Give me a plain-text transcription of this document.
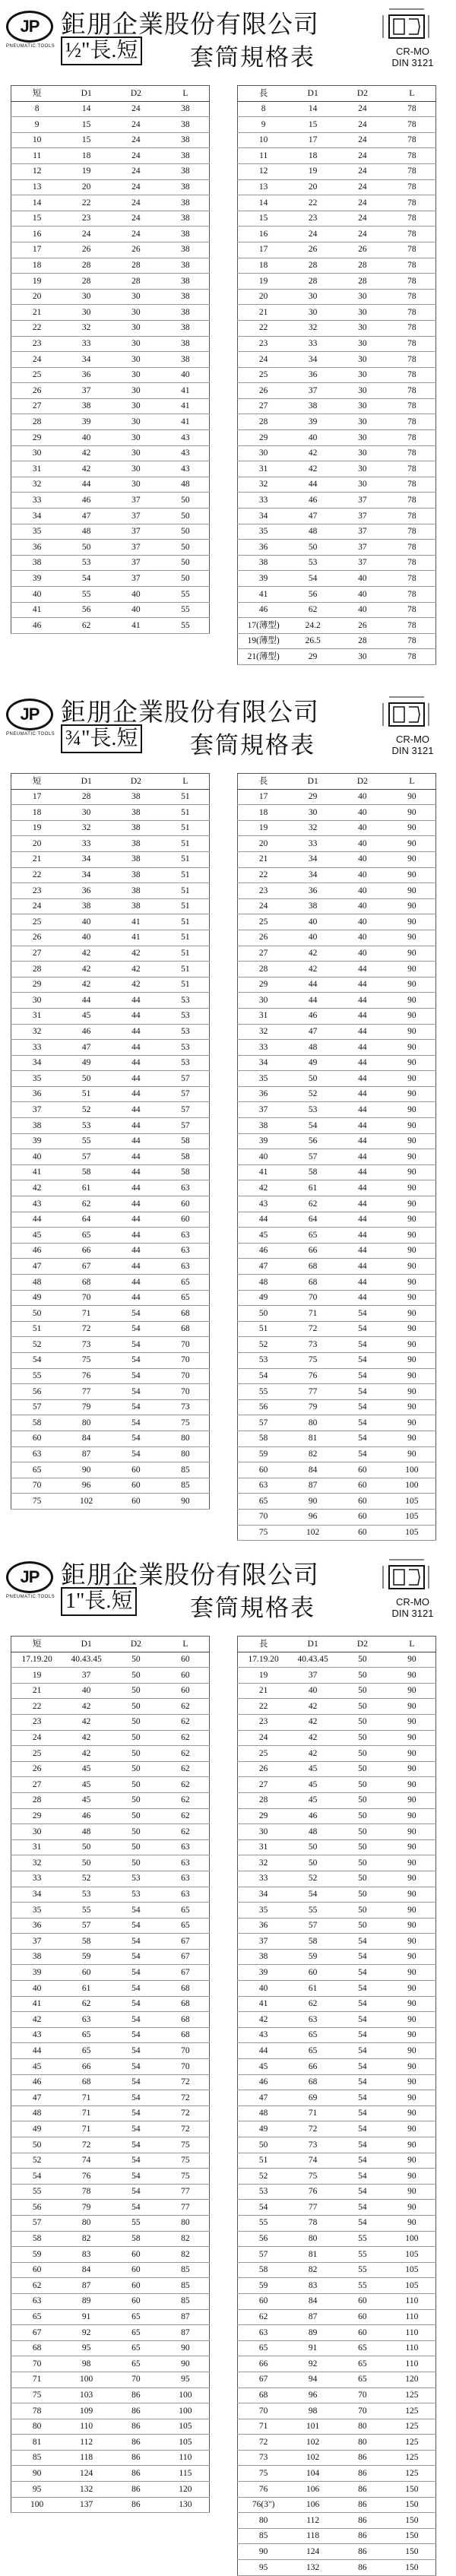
JP
PNEUMATIC TOOLS
鉅朋企業股份有限公司
½"長.短 套筒規格表	CR-MO
DIN 3121
短	D1	D2	L
8	14	24	38
9	15	24	38
10	15	24	38
11	18	24	38
12	19	24	38
13	20	24	38
14	22	24	38
15	23	24	38
16	24	24	38
17	26	26	38
18	28	28	38
19	28	28	38
20	30	30	38
21	30	30	38
22	32	30	38
23	33	30	38
24	34	30	38
25	36	30	40
26	37	30	41
27	38	30	41
28	39	30	41
29	40	30	43
30	42	30	43
31	42	30	43
32	44	30	48
33	46	37	50
34	47	37	50
35	48	37	50
36	50	37	50
38	53	37	50
39	54	37	50
40	55	40	55
41	56	40	55
46	62	41	55
長	D1	D2	L
8	14	24	78
9	15	24	78
10	17	24	78
11	18	24	78
12	19	24	78
13	20	24	78
14	22	24	78
15	23	24	78
16	24	24	78
17	26	26	78
18	28	28	78
19	28	28	78
20	30	30	78
21	30	30	78
22	32	30	78
23	33	30	78
24	34	30	78
25	36	30	78
26	37	30	78
27	38	30	78
28	39	30	78
29	40	30	78
30	42	30	78
31	42	30	78
32	44	30	78
33	46	37	78
34	47	37	78
35	48	37	78
36	50	37	78
38	53	37	78
39	54	40	78
41	56	40	78
46	62	40	78
17(薄型)	24.2	26	78
19(薄型)	26.5	28	78
21(薄型)	29	30	78
JP
PNEUMATIC TOOLS
鉅朋企業股份有限公司
¾"長.短 套筒規格表	CR-MO
DIN 3121
短	D1	D2	L
17	28	38	51
18	30	38	51
19	32	38	51
20	33	38	51
21	34	38	51
22	34	38	51
23	36	38	51
24	38	38	51
25	40	41	51
26	40	41	51
27	42	42	51
28	42	42	51
29	42	42	51
30	44	44	53
31	45	44	53
32	46	44	53
33	47	44	53
34	49	44	53
35	50	44	57
36	51	44	57
37	52	44	57
38	53	44	57
39	55	44	58
40	57	44	58
41	58	44	58
42	61	44	63
43	62	44	60
44	64	44	60
45	65	44	63
46	66	44	63
47	67	44	63
48	68	44	65
49	70	44	65
50	71	54	68
51	72	54	68
52	73	54	70
54	75	54	70
55	76	54	70
56	77	54	70
57	79	54	73
58	80	54	75
60	84	54	80
63	87	54	80
65	90	60	85
70	96	60	85
75	102	60	90
長	D1	D2	L
17	29	40	90
18	30	40	90
19	32	40	90
20	33	40	90
21	34	40	90
22	34	40	90
23	36	40	90
24	38	40	90
25	40	40	90
26	40	40	90
27	42	40	90
28	42	44	90
29	44	44	90
30	44	44	90
31	46	44	90
32	47	44	90
33	48	44	90
34	49	44	90
35	50	44	90
36	52	44	90
37	53	44	90
38	54	44	90
39	56	44	90
40	57	44	90
41	58	44	90
42	61	44	90
43	62	44	90
44	64	44	90
45	65	44	90
46	66	44	90
47	68	44	90
48	68	44	90
49	70	44	90
50	71	54	90
51	72	54	90
52	73	54	90
53	75	54	90
54	76	54	90
55	77	54	90
56	79	54	90
57	80	54	90
58	81	54	90
59	82	54	90
60	84	60	100
63	87	60	100
65	90	60	105
70	96	60	105
75	102	60	105
JP
PNEUMATIC TOOLS
鉅朋企業股份有限公司
1"長.短 套筒規格表	CR-MO
DIN 3121
短	D1	D2	L
17.19.20	40.43.45	50	60
19	37	50	60
21	40	50	60
22	42	50	62
23	42	50	62
24	42	50	62
25	42	50	62
26	45	50	62
27	45	50	62
28	45	50	62
29	46	50	62
30	48	50	62
31	50	50	63
32	50	50	63
33	52	53	63
34	53	53	63
35	55	54	65
36	57	54	65
37	58	54	67
38	59	54	67
39	60	54	67
40	61	54	68
41	62	54	68
42	63	54	68
43	65	54	68
44	65	54	70
45	66	54	70
46	68	54	72
47	71	54	72
48	71	54	72
49	71	54	72
50	72	54	75
52	74	54	75
54	76	54	75
55	78	54	77
56	79	54	77
57	80	55	80
58	82	58	82
59	83	60	82
60	84	60	85
62	87	60	85
63	89	60	85
65	91	65	87
67	92	65	87
68	95	65	90
70	98	65	90
71	100	70	95
75	103	86	100
78	109	86	100
80	110	86	105
81	112	86	105
85	118	86	110
90	124	86	115
95	132	86	120
100	137	86	130
長	D1	D2	L
17.19.20	40.43.45	50	90
19	37	50	90
21	40	50	90
22	42	50	90
23	42	50	90
24	42	50	90
25	42	50	90
26	45	50	90
27	45	50	90
28	45	50	90
29	46	50	90
30	48	50	90
31	50	50	90
32	50	50	90
33	52	50	90
34	54	50	90
35	55	50	90
36	57	50	90
37	58	54	90
38	59	54	90
39	60	54	90
40	61	54	90
41	62	54	90
42	63	54	90
43	65	54	90
44	65	54	90
45	66	54	90
46	68	54	90
47	69	54	90
48	71	54	90
49	72	54	90
50	73	54	90
51	74	54	90
52	75	54	90
53	76	54	90
54	77	54	90
55	78	54	90
56	80	55	100
57	81	55	105
58	82	55	105
59	83	55	105
60	84	60	110
62	87	60	110
63	89	60	110
65	91	65	110
66	92	65	110
67	94	65	120
68	96	70	125
70	98	70	125
71	101	80	125
72	102	80	125
73	102	86	125
75	104	86	125
76	106	86	150
76(3")	106	86	150
80	112	86	150
85	118	86	150
90	124	86	150
95	132	86	150
